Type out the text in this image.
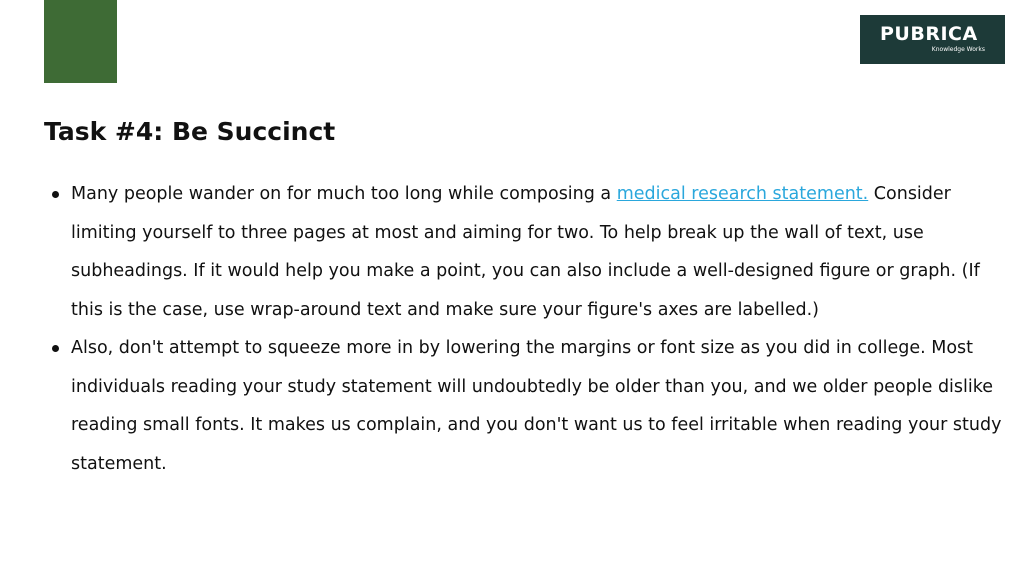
PUBRICA
Knowledge Works
Task #4: Be Succinct
Many people wander on for much too long while composing a medical research statement. Consider limiting yourself to three pages at most and aiming for two. To help break up the wall of text, use subheadings. If it would help you make a point, you can also include a well-designed figure or graph. (If this is the case, use wrap-around text and make sure your figure's axes are labelled.)
Also, don't attempt to squeeze more in by lowering the margins or font size as you did in college. Most individuals reading your study statement will undoubtedly be older than you, and we older people dislike reading small fonts. It makes us complain, and you don't want us to feel irritable when reading your study statement.
